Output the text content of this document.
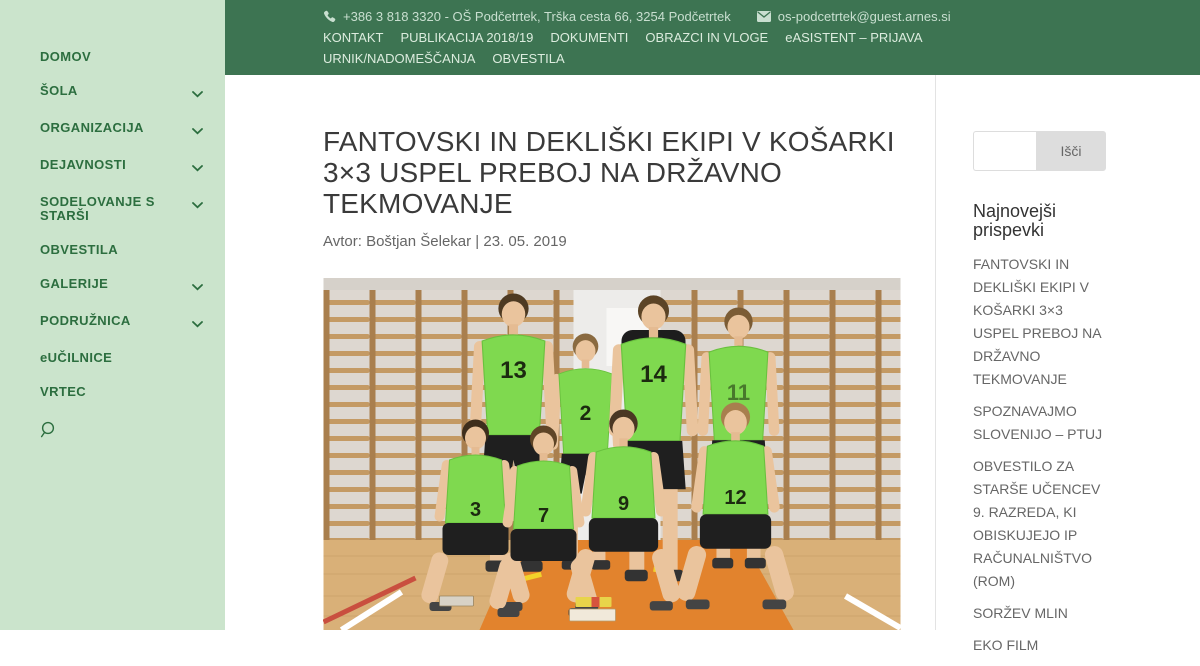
DOMOV
ŠOLA
ORGANIZACIJA
DEJAVNOSTI
SODELOVANJE S STARŠI
OBVESTILA
GALERIJE
PODRUŽNICA
eUČILNICE
VRTEC
+386 3 818 3320 - OŠ Podčetrtek, Trška cesta 66, 3254 Podčetrtek	os-podcetrtek@guest.arnes.si
KONTAKT PUBLIKACIJA 2018/19 DOKUMENTI OBRAZCI IN VLOGE eASISTENT – PRIJAVA
URNIK/NADOMEŠČANJA OBVESTILA
FANTOVSKI IN DEKLIŠKI EKIPI V KOŠARKI 3×3 USPEL PREBOJ NA DRŽAVNO TEKMOVANJE

Avtor: Boštjan Šelekar | 23. 05. 2019

13
2
14
11
3	7
9	12
Išči
Najnovejši prispevki
FANTOVSKI IN DEKLIŠKI EKIPI V KOŠARKI 3×3 USPEL PREBOJ NA DRŽAVNO TEKMOVANJE
SPOZNAVAJMO SLOVENIJO – PTUJ
OBVESTILO ZA STARŠE UČENCEV 9. RAZREDA, KI OBISKUJEJO IP RAČUNALNIŠTVO (ROM)
SORŽEV MLIN
EKO FILM
